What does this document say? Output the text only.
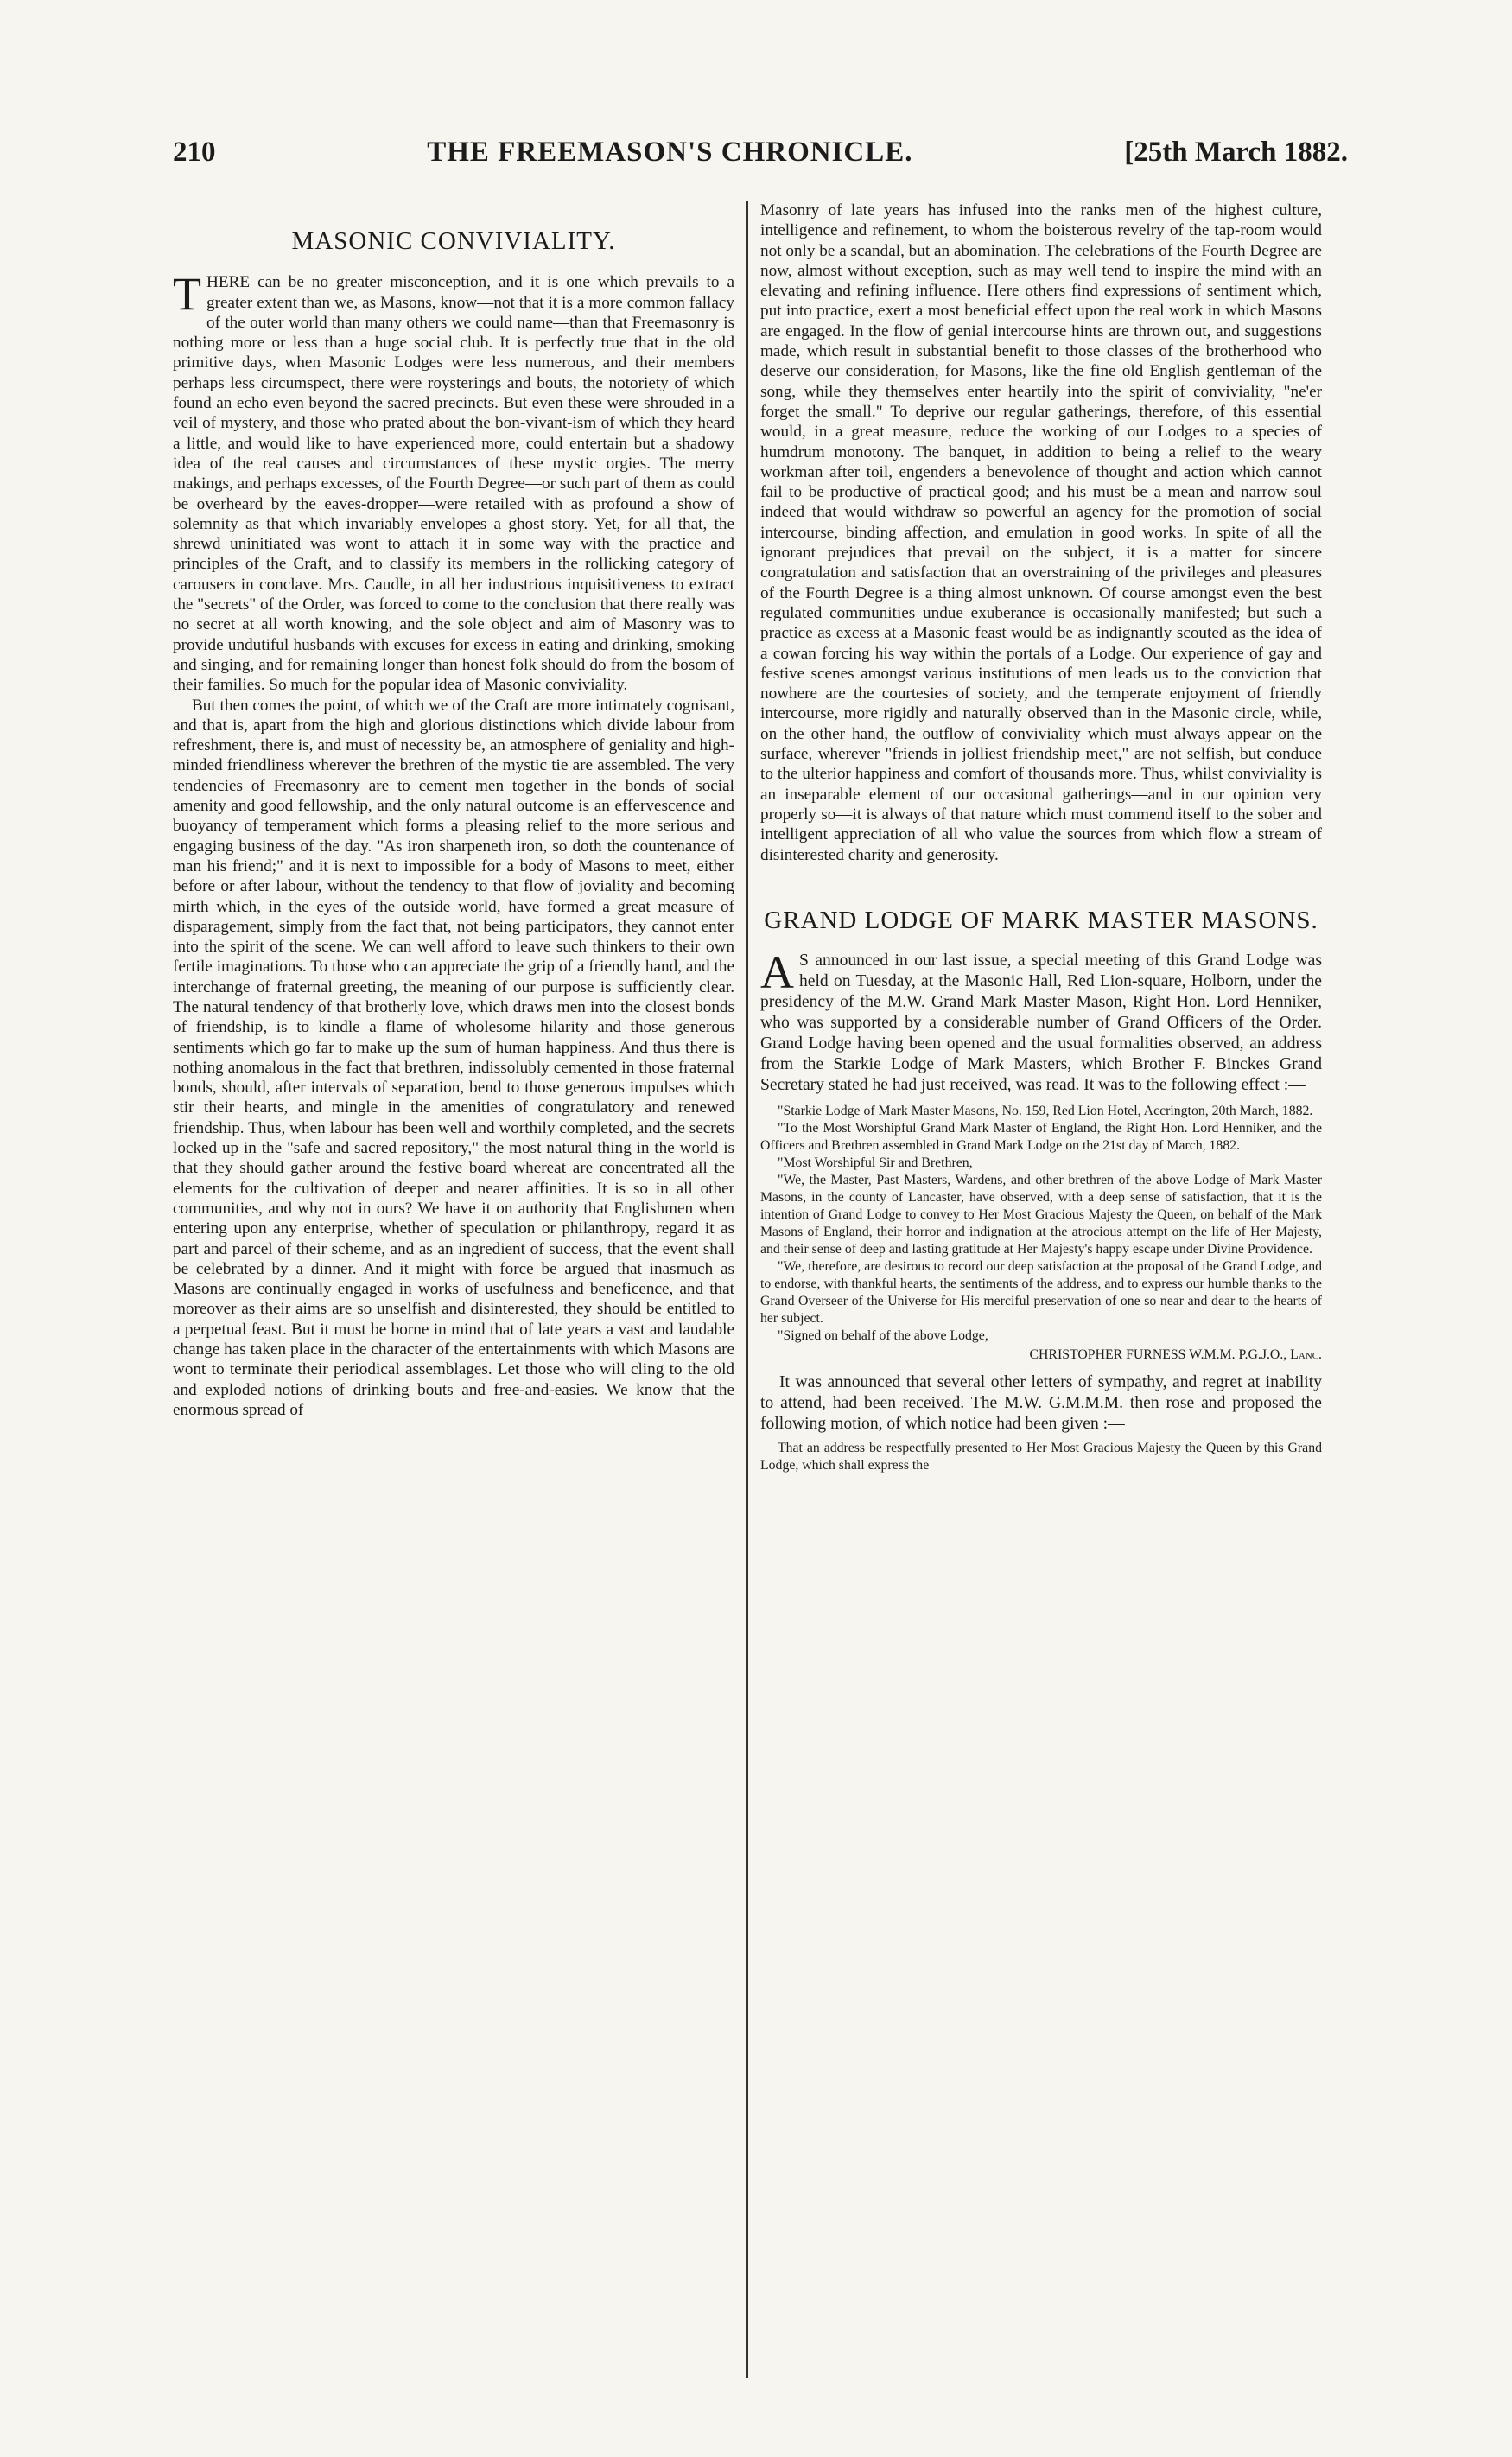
210	THE FREEMASON'S CHRONICLE.	[25th March 1882.
MASONIC CONVIVIALITY.

THERE can be no greater misconception, and it is one which prevails to a greater extent than we, as Masons, know—not that it is a more common fallacy of the outer world than many others we could name—than that Freemasonry is nothing more or less than a huge social club. It is perfectly true that in the old primitive days, when Masonic Lodges were less numerous, and their members perhaps less circumspect, there were roysterings and bouts, the notoriety of which found an echo even beyond the sacred precincts. But even these were shrouded in a veil of mystery, and those who prated about the bon-vivant-ism of which they heard a little, and would like to have experienced more, could entertain but a shadowy idea of the real causes and circumstances of these mystic orgies. The merry makings, and perhaps excesses, of the Fourth Degree—or such part of them as could be overheard by the eaves-dropper—were retailed with as profound a show of solemnity as that which invariably envelopes a ghost story. Yet, for all that, the shrewd uninitiated was wont to attach it in some way with the practice and principles of the Craft, and to classify its members in the rollicking category of carousers in conclave. Mrs. Caudle, in all her industrious inquisitiveness to extract the "secrets" of the Order, was forced to come to the conclusion that there really was no secret at all worth knowing, and the sole object and aim of Masonry was to provide undutiful husbands with excuses for excess in eating and drinking, smoking and singing, and for remaining longer than honest folk should do from the bosom of their families. So much for the popular idea of Masonic conviviality.

But then comes the point, of which we of the Craft are more intimately cognisant, and that is, apart from the high and glorious distinctions which divide labour from refreshment, there is, and must of necessity be, an atmosphere of geniality and high-minded friendliness wherever the brethren of the mystic tie are assembled. The very tendencies of Freemasonry are to cement men together in the bonds of social amenity and good fellowship, and the only natural outcome is an effervescence and buoyancy of temperament which forms a pleasing relief to the more serious and engaging business of the day. "As iron sharpeneth iron, so doth the countenance of man his friend;" and it is next to impossible for a body of Masons to meet, either before or after labour, without the tendency to that flow of joviality and becoming mirth which, in the eyes of the outside world, have formed a great measure of disparagement, simply from the fact that, not being participators, they cannot enter into the spirit of the scene. We can well afford to leave such thinkers to their own fertile imaginations. To those who can appreciate the grip of a friendly hand, and the interchange of fraternal greeting, the meaning of our purpose is sufficiently clear. The natural tendency of that brotherly love, which draws men into the closest bonds of friendship, is to kindle a flame of wholesome hilarity and those generous sentiments which go far to make up the sum of human happiness. And thus there is nothing anomalous in the fact that brethren, indissolubly cemented in those fraternal bonds, should, after intervals of separation, bend to those generous impulses which stir their hearts, and mingle in the amenities of congratulatory and renewed friendship. Thus, when labour has been well and worthily completed, and the secrets locked up in the "safe and sacred repository," the most natural thing in the world is that they should gather around the festive board whereat are concentrated all the elements for the cultivation of deeper and nearer affinities. It is so in all other communities, and why not in ours? We have it on authority that Englishmen when entering upon any enterprise, whether of speculation or philanthropy, regard it as part and parcel of their scheme, and as an ingredient of success, that the event shall be celebrated by a dinner. And it might with force be argued that inasmuch as Masons are continually engaged in works of usefulness and beneficence, and that moreover as their aims are so unselfish and disinterested, they should be entitled to a perpetual feast. But it must be borne in mind that of late years a vast and laudable change has taken place in the character of the entertainments with which Masons are wont to terminate their periodical assemblages. Let those who will cling to the old and exploded notions of drinking bouts and free-and-easies. We know that the enormous spread of

Masonry of late years has infused into the ranks men of the highest culture, intelligence and refinement, to whom the boisterous revelry of the tap-room would not only be a scandal, but an abomination. The celebrations of the Fourth Degree are now, almost without exception, such as may well tend to inspire the mind with an elevating and refining influence. Here others find expressions of sentiment which, put into practice, exert a most beneficial effect upon the real work in which Masons are engaged. In the flow of genial intercourse hints are thrown out, and suggestions made, which result in substantial benefit to those classes of the brotherhood who deserve our consideration, for Masons, like the fine old English gentleman of the song, while they themselves enter heartily into the spirit of conviviality, "ne'er forget the small." To deprive our regular gatherings, therefore, of this essential would, in a great measure, reduce the working of our Lodges to a species of humdrum monotony. The banquet, in addition to being a relief to the weary workman after toil, engenders a benevolence of thought and action which cannot fail to be productive of practical good; and his must be a mean and narrow soul indeed that would withdraw so powerful an agency for the promotion of social intercourse, binding affection, and emulation in good works. In spite of all the ignorant prejudices that prevail on the subject, it is a matter for sincere congratulation and satisfaction that an overstraining of the privileges and pleasures of the Fourth Degree is a thing almost unknown. Of course amongst even the best regulated communities undue exuberance is occasionally manifested; but such a practice as excess at a Masonic feast would be as indignantly scouted as the idea of a cowan forcing his way within the portals of a Lodge. Our experience of gay and festive scenes amongst various institutions of men leads us to the conviction that nowhere are the courtesies of society, and the temperate enjoyment of friendly intercourse, more rigidly and naturally observed than in the Masonic circle, while, on the other hand, the outflow of conviviality which must always appear on the surface, wherever "friends in jolliest friendship meet," are not selfish, but conduce to the ulterior happiness and comfort of thousands more. Thus, whilst conviviality is an inseparable element of our occasional gatherings—and in our opinion very properly so—it is always of that nature which must commend itself to the sober and intelligent appreciation of all who value the sources from which flow a stream of disinterested charity and generosity.

GRAND LODGE OF MARK MASTER MASONS.

A S announced in our last issue, a special meeting of this Grand Lodge was held on Tuesday, at the Masonic Hall, Red Lion-square, Holborn, under the presidency of the M.W. Grand Mark Master Mason, Right Hon. Lord Henniker, who was supported by a considerable number of Grand Officers of the Order. Grand Lodge having been opened and the usual formalities observed, an address from the Starkie Lodge of Mark Masters, which Brother F. Binckes Grand Secretary stated he had just received, was read. It was to the following effect :—

"Starkie Lodge of Mark Master Masons, No. 159, Red Lion Hotel, Accrington, 20th March, 1882.

"To the Most Worshipful Grand Mark Master of England, the Right Hon. Lord Henniker, and the Officers and Brethren assembled in Grand Mark Lodge on the 21st day of March, 1882.

"Most Worshipful Sir and Brethren,

"We, the Master, Past Masters, Wardens, and other brethren of the above Lodge of Mark Master Masons, in the county of Lancaster, have observed, with a deep sense of satisfaction, that it is the intention of Grand Lodge to convey to Her Most Gracious Majesty the Queen, on behalf of the Mark Masons of England, their horror and indignation at the atrocious attempt on the life of Her Majesty, and their sense of deep and lasting gratitude at Her Majesty's happy escape under Divine Providence.

"We, therefore, are desirous to record our deep satisfaction at the proposal of the Grand Lodge, and to endorse, with thankful hearts, the sentiments of the address, and to express our humble thanks to the Grand Overseer of the Universe for His merciful preservation of one so near and dear to the hearts of her subject.

"Signed on behalf of the above Lodge,

CHRISTOPHER FURNESS W.M.M. P.G.J.O., Lanc.

It was announced that several other letters of sympathy, and regret at inability to attend, had been received. The M.W. G.M.M.M. then rose and proposed the following motion, of which notice had been given :—

That an address be respectfully presented to Her Most Gracious Majesty the Queen by this Grand Lodge, which shall express the
